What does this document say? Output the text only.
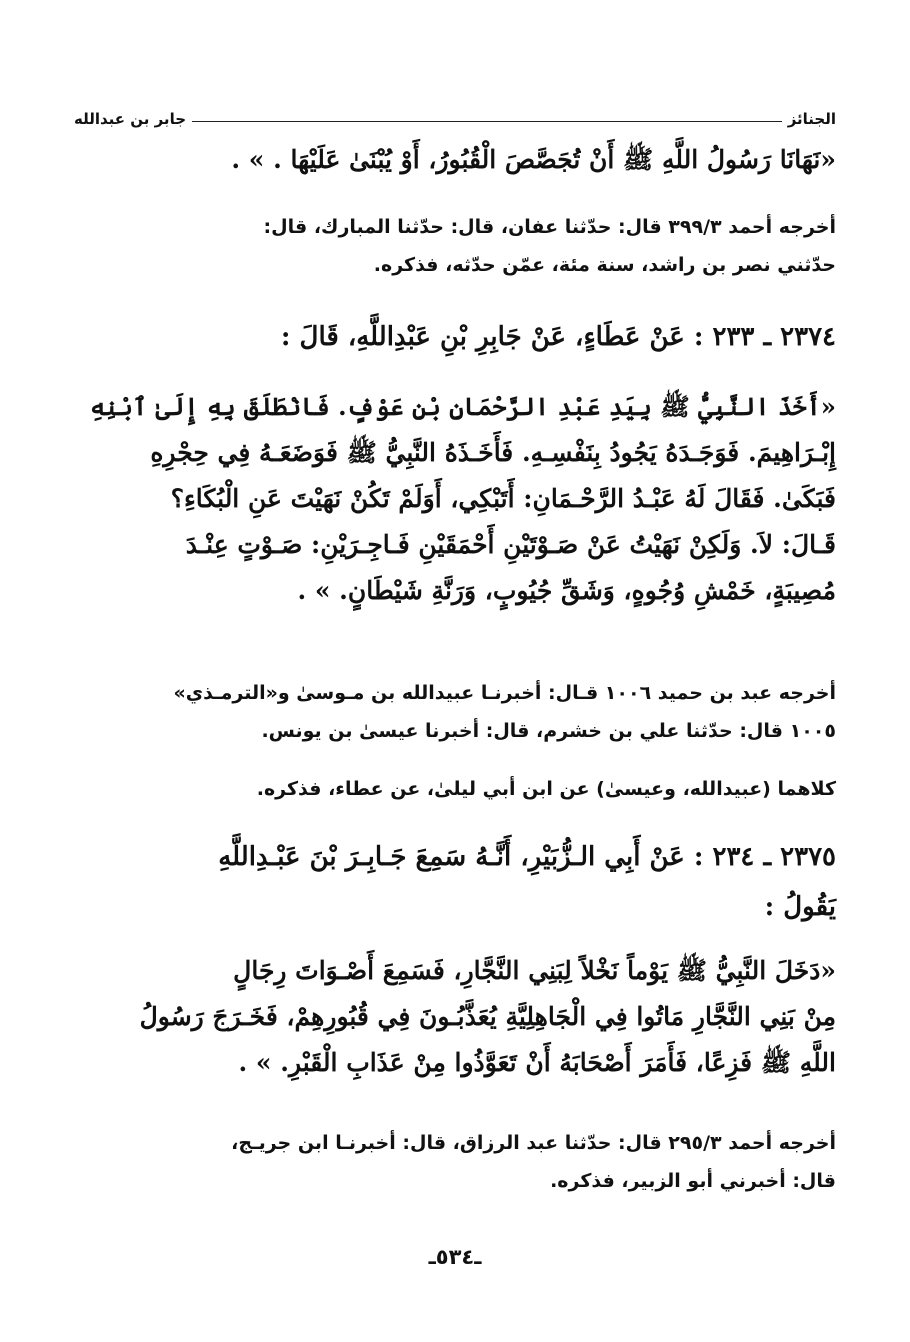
الجنائز
جابر بن عبدالله
«نَهَانَا رَسُولُ اللَّهِ ﷺ أَنْ تُجَصَّصَ الْقُبُورُ، أَوْ يُبْنَىٰ عَلَيْهَا . » .
أخرجه أحمد ٣٩٩/٣ قال: حدّثنا عفان، قال: حدّثنا المبارك، قال:
حدّثني نصر بن راشد، سنة مئة، عمّن حدّثه، فذكره.
٢٣٧٤ ـ ٢٣٣ : عَنْ عَطَاءٍ، عَنْ جَابِرِ بْنِ عَبْدِاللَّهِ، قَالَ :
«أَخَذَ النَّبِيُّ ﷺ بِيَدِ عَبْدِ الرَّحْمَانِ بْنِ عَوْفٍ. فَانْطَلَقَ بِهِ إِلَىٰ ٱبْنِهِ
إِبْـرَاهِيمَ. فَوَجَـدَهُ يَجُودُ بِنَفْسِـهِ. فَأَخَـذَهُ النَّبِيُّ ﷺ فَوَضَعَـهُ فِي حِجْرِهِ
فَبَكَىٰ. فَقَالَ لَهُ عَبْـدُ الرَّحْـمَانِ: أَتَبْكِي، أَوَلَمْ تَكُنْ نَهَيْتَ عَنِ الْبُكَاءِ؟
قَـالَ: لاَ. وَلَكِنْ نَهَيْتُ عَنْ صَـوْتَيْنِ أَحْمَقَيْنِ فَـاجِـرَيْنِ: صَـوْتٍ عِنْـدَ
مُصِيبَةٍ، خَمْشِ وُجُوهٍ، وَشَقِّ جُيُوبٍ، وَرَنَّةِ شَيْطَانٍ. » .
أخرجه عبد بن حميد ١٠٠٦ قـال: أخبرنـا عبيدالله بن مـوسىٰ و«الترمـذي»
١٠٠٥ قال: حدّثنا علي بن خشرم، قال: أخبرنا عيسىٰ بن يونس.
كلاهما (عبيدالله، وعيسىٰ) عن ابن أبي ليلىٰ، عن عطاء، فذكره.
٢٣٧٥ ـ ٢٣٤ : عَنْ أَبِي الـزُّبَيْرِ، أَنَّـهُ سَمِعَ جَـابِـرَ بْنَ عَبْـدِاللَّهِ
يَقُولُ :
«دَخَلَ النَّبِيُّ ﷺ يَوْماً نَخْلاً لِبَنِي النَّجَّارِ، فَسَمِعَ أَصْـوَاتَ رِجَالٍ
مِنْ بَنِي النَّجَّارِ مَاتُوا فِي الْجَاهِلِيَّةِ يُعَذَّبُـونَ فِي قُبُورِهِمْ، فَخَـرَجَ رَسُولُ
اللَّهِ ﷺ فَزِعًا، فَأَمَرَ أَصْحَابَهُ أَنْ تَعَوَّذُوا مِنْ عَذَابِ الْقَبْرِ. » .
أخرجه أحمد ٢٩٥/٣ قال: حدّثنا عبد الرزاق، قال: أخبرنـا ابن جريـج،
قال: أخبرني أبو الزبير، فذكره.
ـ٥٣٤ـ
